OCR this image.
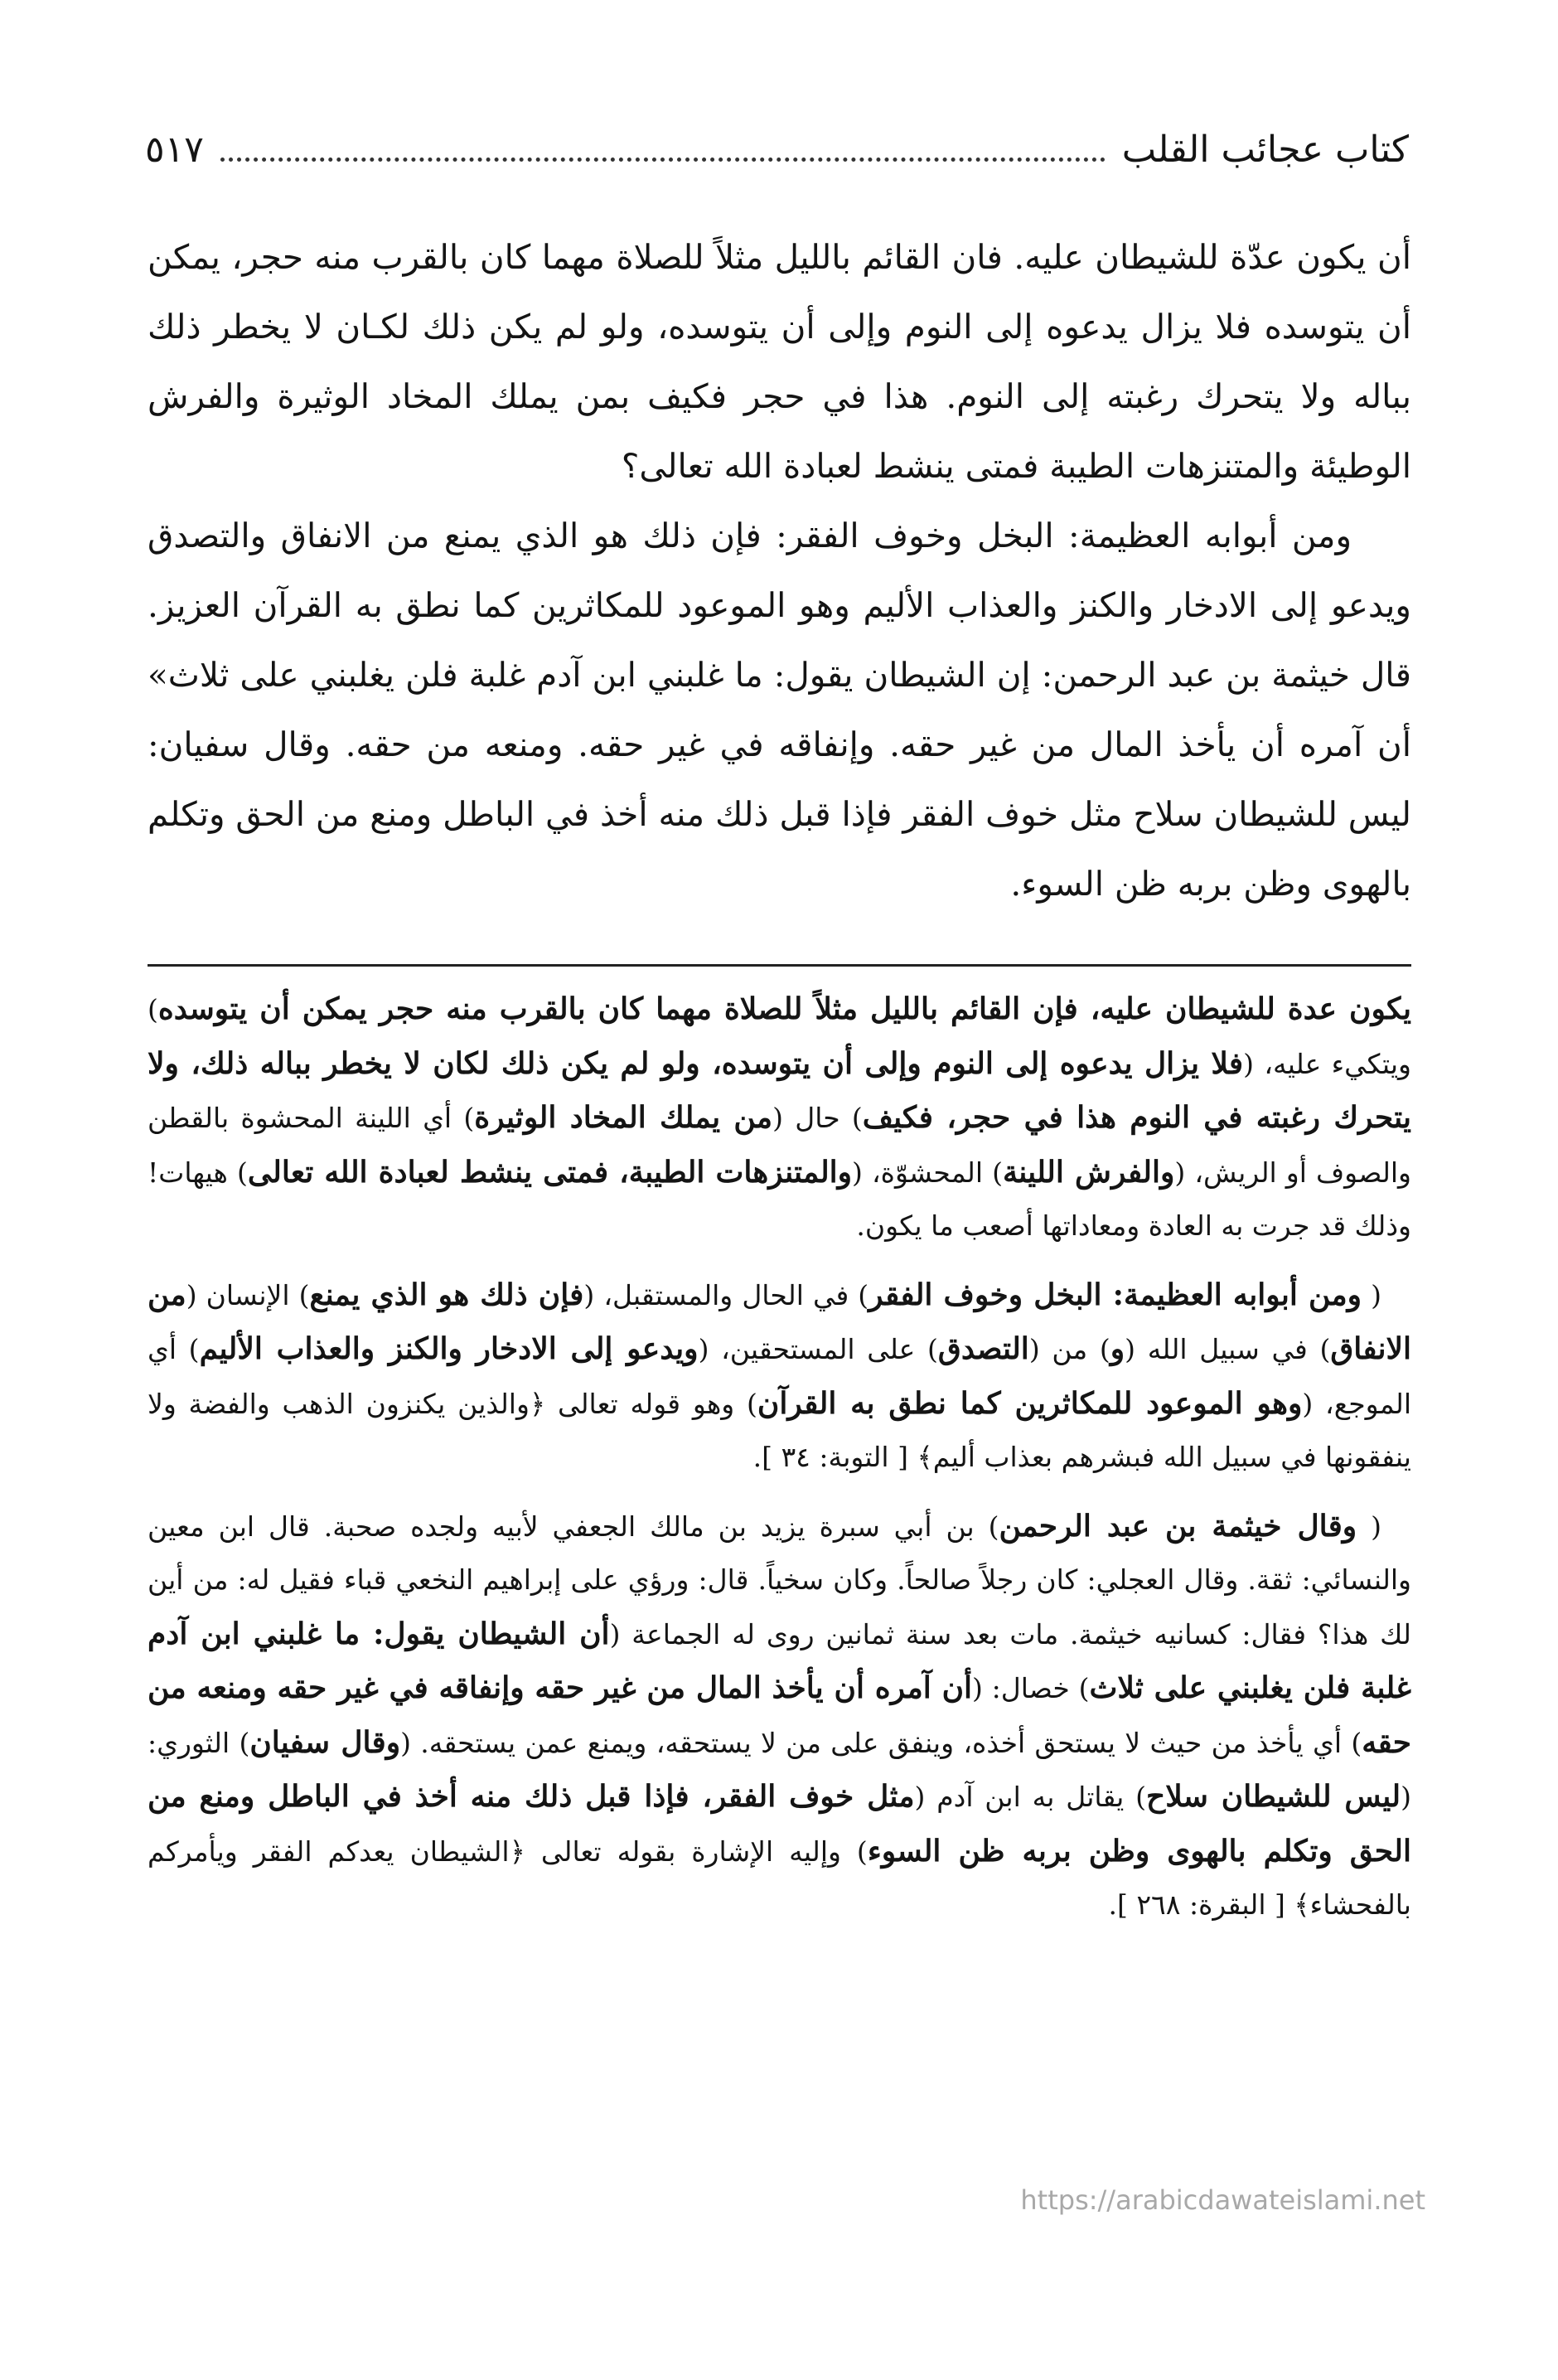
كتاب عجائب القلب
٥١٧

أن يكون عدّة للشيطان عليه. فان القائم بالليل مثلاً للصلاة مهما كان بالقرب منه حجر، يمكن أن يتوسده فلا يزال يدعوه إلى النوم وإلى أن يتوسده، ولو لم يكن ذلك لكـان لا يخطر ذلك بباله ولا يتحرك رغبته إلى النوم. هذا في حجر فكيف بمن يملك المخاد الوثيرة والفرش الوطيئة والمتنزهات الطيبة فمتى ينشط لعبادة الله تعالى؟

ومن أبوابه العظيمة: البخل وخوف الفقر: فإن ذلك هو الذي يمنع من الانفاق والتصدق ويدعو إلى الادخار والكنز والعذاب الأليم وهو الموعود للمكاثرين كما نطق به القرآن العزيز. قال خيثمة بن عبد الرحمن: إن الشيطان يقول: ما غلبني ابن آدم غلبة فلن يغلبني على ثلاث» أن آمره أن يأخذ المال من غير حقه. وإنفاقه في غير حقه. ومنعه من حقه. وقال سفيان: ليس للشيطان سلاح مثل خوف الفقر فإذا قبل ذلك منه أخذ في الباطل ومنع من الحق وتكلم بالهوى وظن بربه ظن السوء.

يكون عدة للشيطان عليه، فإن القائم بالليل مثلاً للصلاة مهما كان بالقرب منه حجر يمكن أن يتوسده) ويتكيء عليه، (فلا يزال يدعوه إلى النوم وإلى أن يتوسده، ولو لم يكن ذلك لكان لا يخطر بباله ذلك، ولا يتحرك رغبته في النوم هذا في حجر، فكيف) حال (من يملك المخاد الوثيرة) أي اللينة المحشوة بالقطن والصوف أو الريش، (والفرش اللينة) المحشوّة، (والمتنزهات الطيبة، فمتى ينشط لعبادة الله تعالى) هيهات! وذلك قد جرت به العادة ومعاداتها أصعب ما يكون.

( ومن أبوابه العظيمة: البخل وخوف الفقر) في الحال والمستقبل، (فإن ذلك هو الذي يمنع) الإنسان (من الانفاق) في سبيل الله (و) من (التصدق) على المستحقين، (ويدعو إلى الادخار والكنز والعذاب الأليم) أي الموجع، (وهو الموعود للمكاثرين كما نطق به القرآن) وهو قوله تعالى ﴿والذين يكنزون الذهب والفضة ولا ينفقونها في سبيل الله فبشرهم بعذاب أليم﴾ [ التوبة: ٣٤ ].

( وقال خيثمة بن عبد الرحمن) بن أبي سبرة يزيد بن مالك الجعفي لأبيه ولجده صحبة. قال ابن معين والنسائي: ثقة. وقال العجلي: كان رجلاً صالحاً. وكان سخياً. قال: ورؤي على إبراهيم النخعي قباء فقيل له: من أين لك هذا؟ فقال: كسانيه خيثمة. مات بعد سنة ثمانين روى له الجماعة (أن الشيطان يقول: ما غلبني ابن آدم غلبة فلن يغلبني على ثلاث) خصال: (أن آمره أن يأخذ المال من غير حقه وإنفاقه في غير حقه ومنعه من حقه) أي يأخذ من حيث لا يستحق أخذه، وينفق على من لا يستحقه، ويمنع عمن يستحقه. (وقال سفيان) الثوري: (ليس للشيطان سلاح) يقاتل به ابن آدم (مثل خوف الفقر، فإذا قبل ذلك منه أخذ في الباطل ومنع من الحق وتكلم بالهوى وظن بربه ظن السوء) وإليه الإشارة بقوله تعالى ﴿الشيطان يعدكم الفقر ويأمركم بالفحشاء﴾ [ البقرة: ٢٦٨ ].

https://arabicdawateislami.net
